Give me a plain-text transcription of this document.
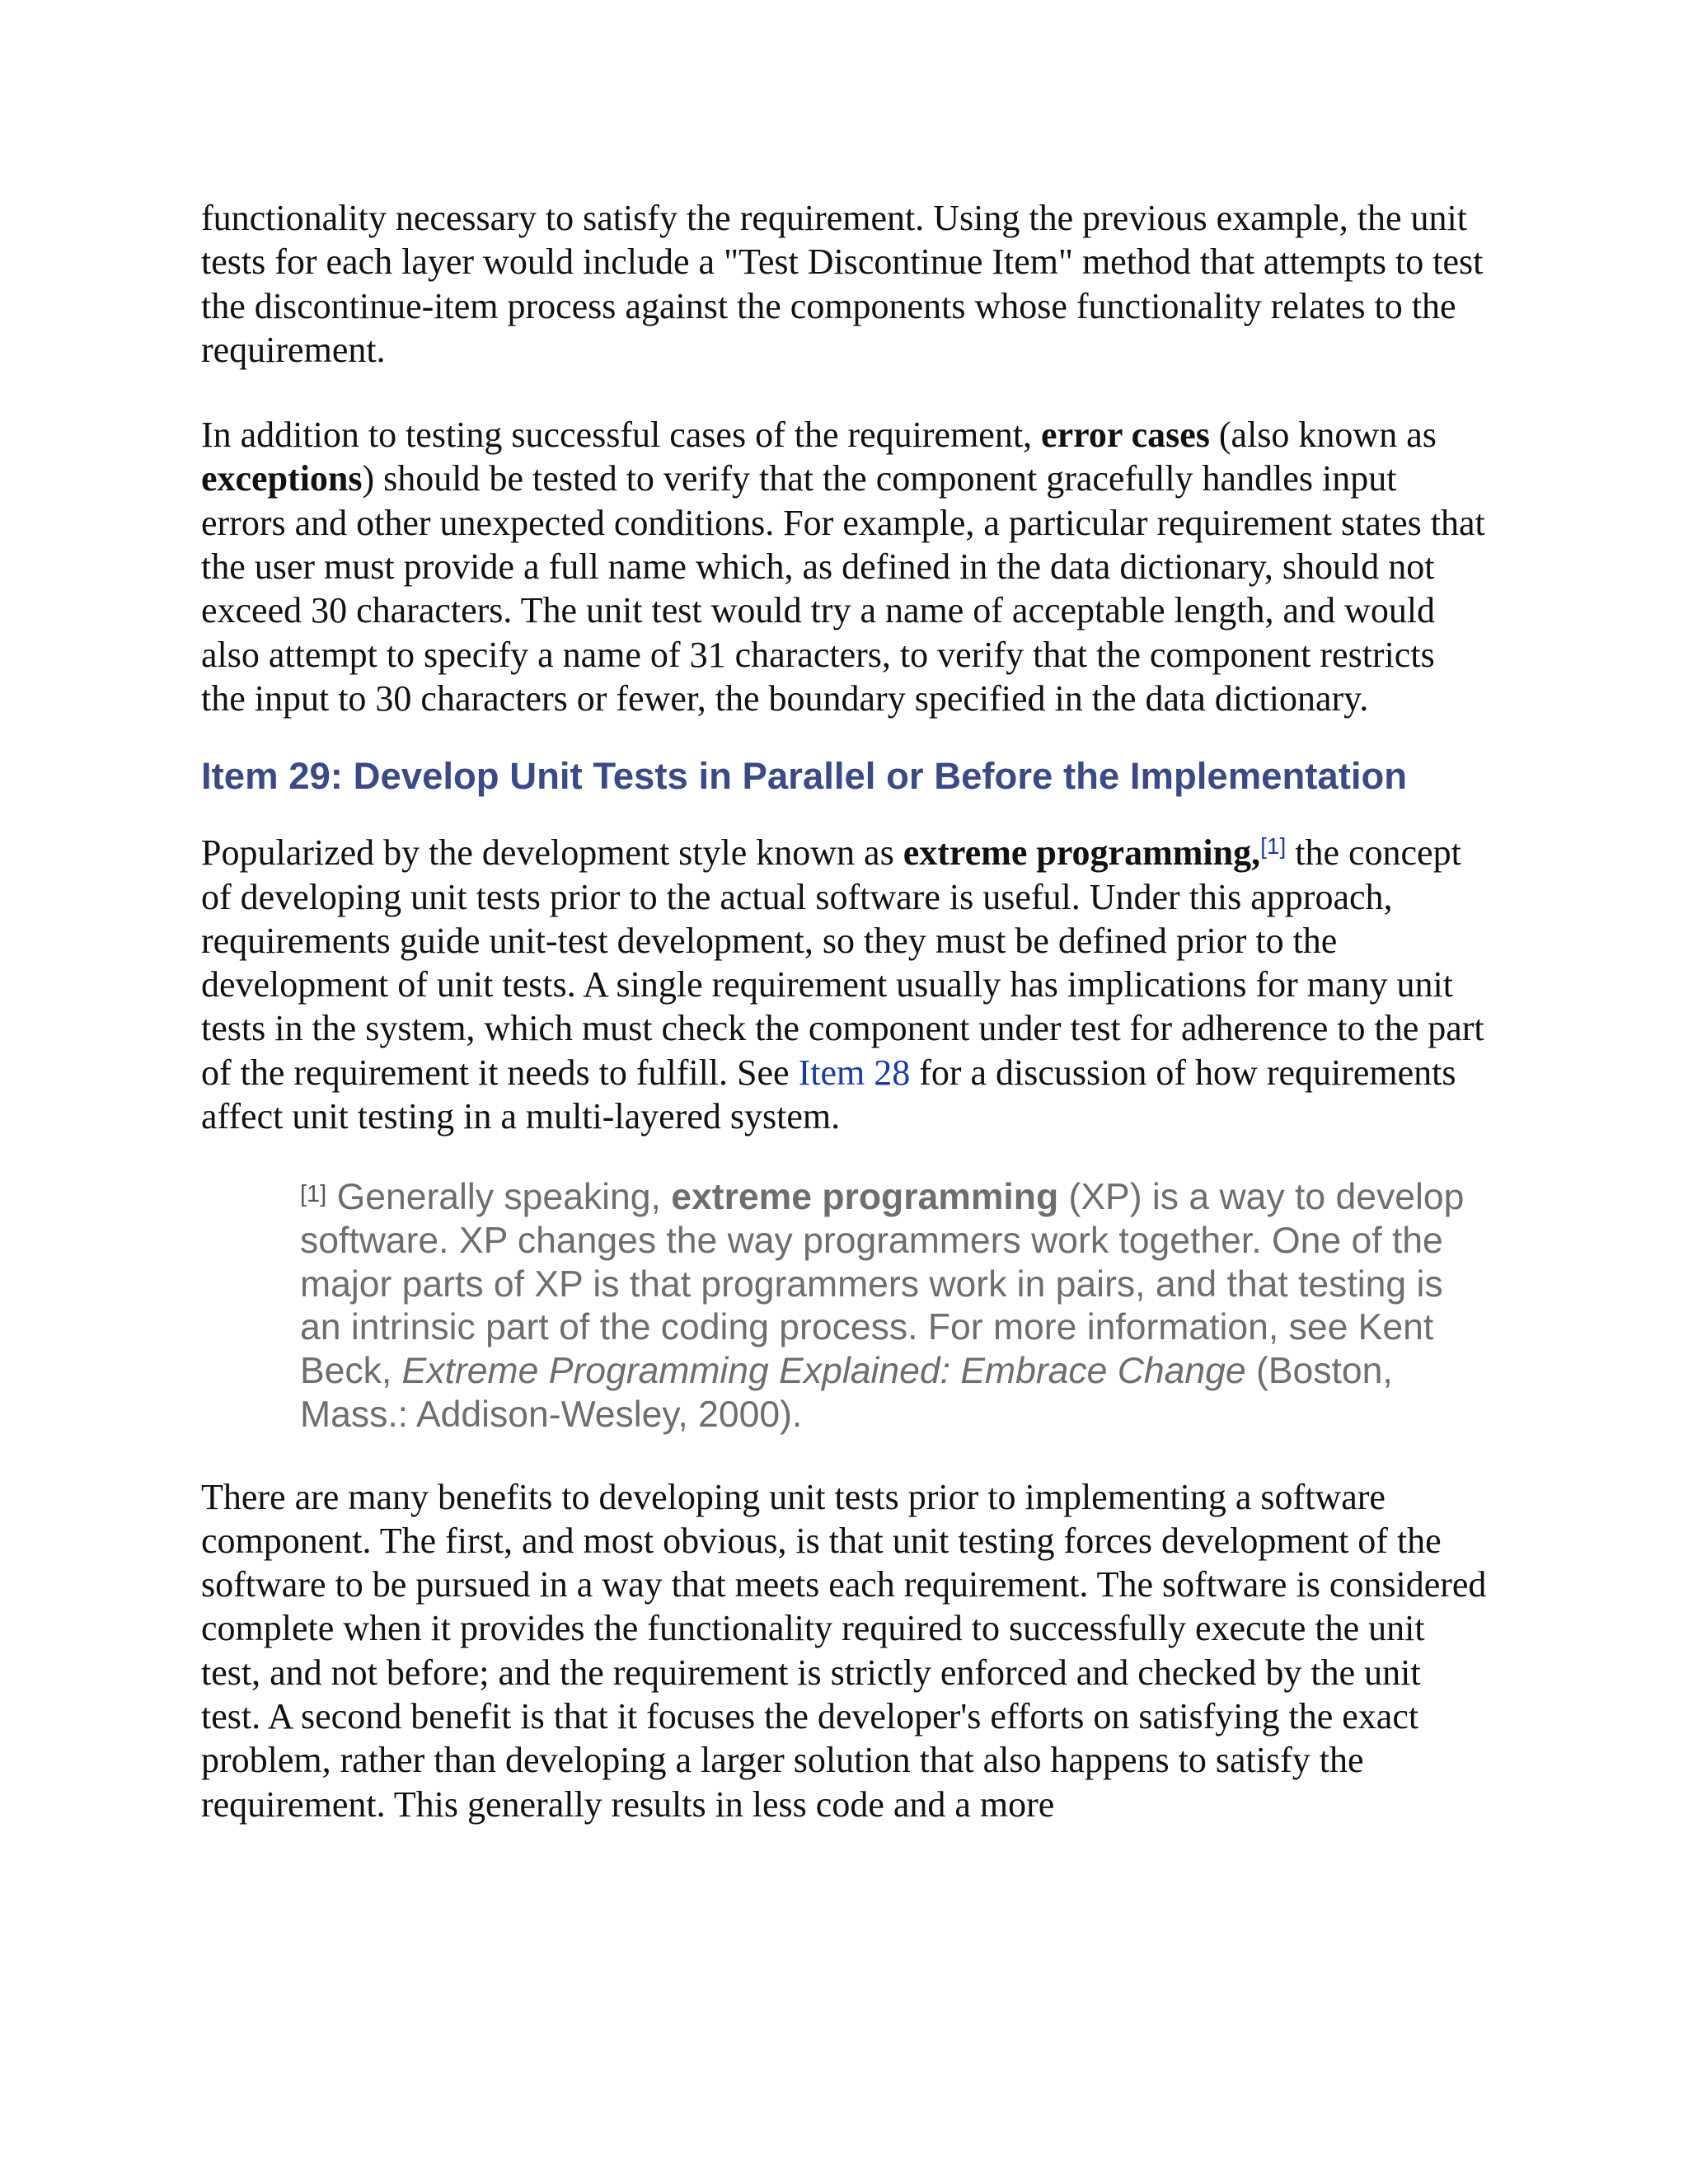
functionality necessary to satisfy the requirement. Using the previous example, the unit tests for each layer would include a "Test Discontinue Item" method that attempts to test the discontinue-item process against the components whose functionality relates to the requirement.

In addition to testing successful cases of the requirement, error cases (also known as exceptions) should be tested to verify that the component gracefully handles input errors and other unexpected conditions. For example, a particular requirement states that the user must provide a full name which, as defined in the data dictionary, should not exceed 30 characters. The unit test would try a name of acceptable length, and would also attempt to specify a name of 31 characters, to verify that the component restricts the input to 30 characters or fewer, the boundary specified in the data dictionary.

Item 29: Develop Unit Tests in Parallel or Before the Implementation

Popularized by the development style known as extreme programming,[1] the concept of developing unit tests prior to the actual software is useful. Under this approach, requirements guide unit-test development, so they must be defined prior to the development of unit tests. A single requirement usually has implications for many unit tests in the system, which must check the component under test for adherence to the part of the requirement it needs to fulfill. See Item 28 for a discussion of how requirements affect unit testing in a multi-layered system.

[1] Generally speaking, extreme programming (XP) is a way to develop software. XP changes the way programmers work together. One of the major parts of XP is that programmers work in pairs, and that testing is an intrinsic part of the coding process. For more information, see Kent Beck, Extreme Programming Explained: Embrace Change (Boston, Mass.: Addison-Wesley, 2000).

There are many benefits to developing unit tests prior to implementing a software component. The first, and most obvious, is that unit testing forces development of the software to be pursued in a way that meets each requirement. The software is considered complete when it provides the functionality required to successfully execute the unit test, and not before; and the requirement is strictly enforced and checked by the unit test. A second benefit is that it focuses the developer's efforts on satisfying the exact problem, rather than developing a larger solution that also happens to satisfy the requirement. This generally results in less code and a more
